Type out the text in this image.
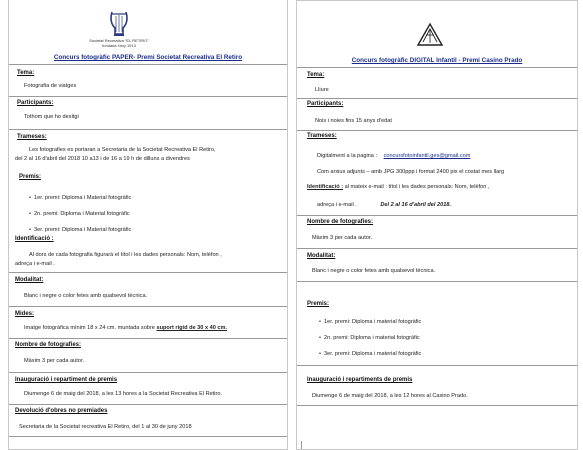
Societat Recreativa "EL RETIRO"
fundada l'any 1913
Concurs fotogràfic PAPER- Premi Societat Recreativa El Retiro
Tema:
Fotografia de viatges
Participants:
Tothom que ho desitgi
Trameses:
Les fotografies es portaran a Secretaria de la Societat Recreativa El Retiro,
del 2 al 16 d'abril del 2018 10 a13 i de 16 a 19 h de dilluns a divendres
Premis:
• 1er. premi: Diploma i Material fotogràfic
• 2n. premi: Diploma i Material fotogràfic
• 3er. premi: Diploma i Material fotogràfic
Identificació :
Al dors de cada fotografia figurarà el títol i les dades personals: Nom, telèfon ,
adreça i e-mail .
Modalitat:
Blanc i negre o color fetes amb qualsevol tècnica.
Mides:
Imatge fotogràfica mínim 18 x 24 cm. muntada sobre suport rígid de 30 x 40 cm.
Nombre de fotografies:
Màxim 3 per cada autor.
Inauguració i repartiment de premis
Diumenge 6 de maig del 2018, a les 13 hores a la Societat Recreativa El Retiro.
Devolució d'obres no premiades
Secretaria de la Societat recreativa El Retiro, del 1 al 30 de juny 2018
Concurs fotogràfic DIGITAL Infantil - Premi Casino Prado
Tema:
Lliure
Participants:
Nois i noies fins 15 anys d'edat
Trameses:
Digitalment a la pagina : concursfotoinfantil.ges@gmail.com
Com arxius adjunts – amb JPG 300ppp i format 2400 pix el costat mes llarg
Identificació : al mateix e-mail : títol i les dades personals: Nom, telèfon ,
adreça i e-mail .	Del 2 al 16 d'abril del 2018.
Nombre de fotografies:
Màxim 3 per cada autor.
Modalitat:
Blanc i negre o color fetes amb qualsevol tècnica.
Premis:
• 1er. premi: Diploma i material fotogràfic
• 2n. premi: Diploma i material fotogràfic
• 3er. premi: Diploma i material fotogràfic
Inauguració i repartiments de premis
Diumenge 6 de maig del 2018, a les 12 hores al Casino Prado.
